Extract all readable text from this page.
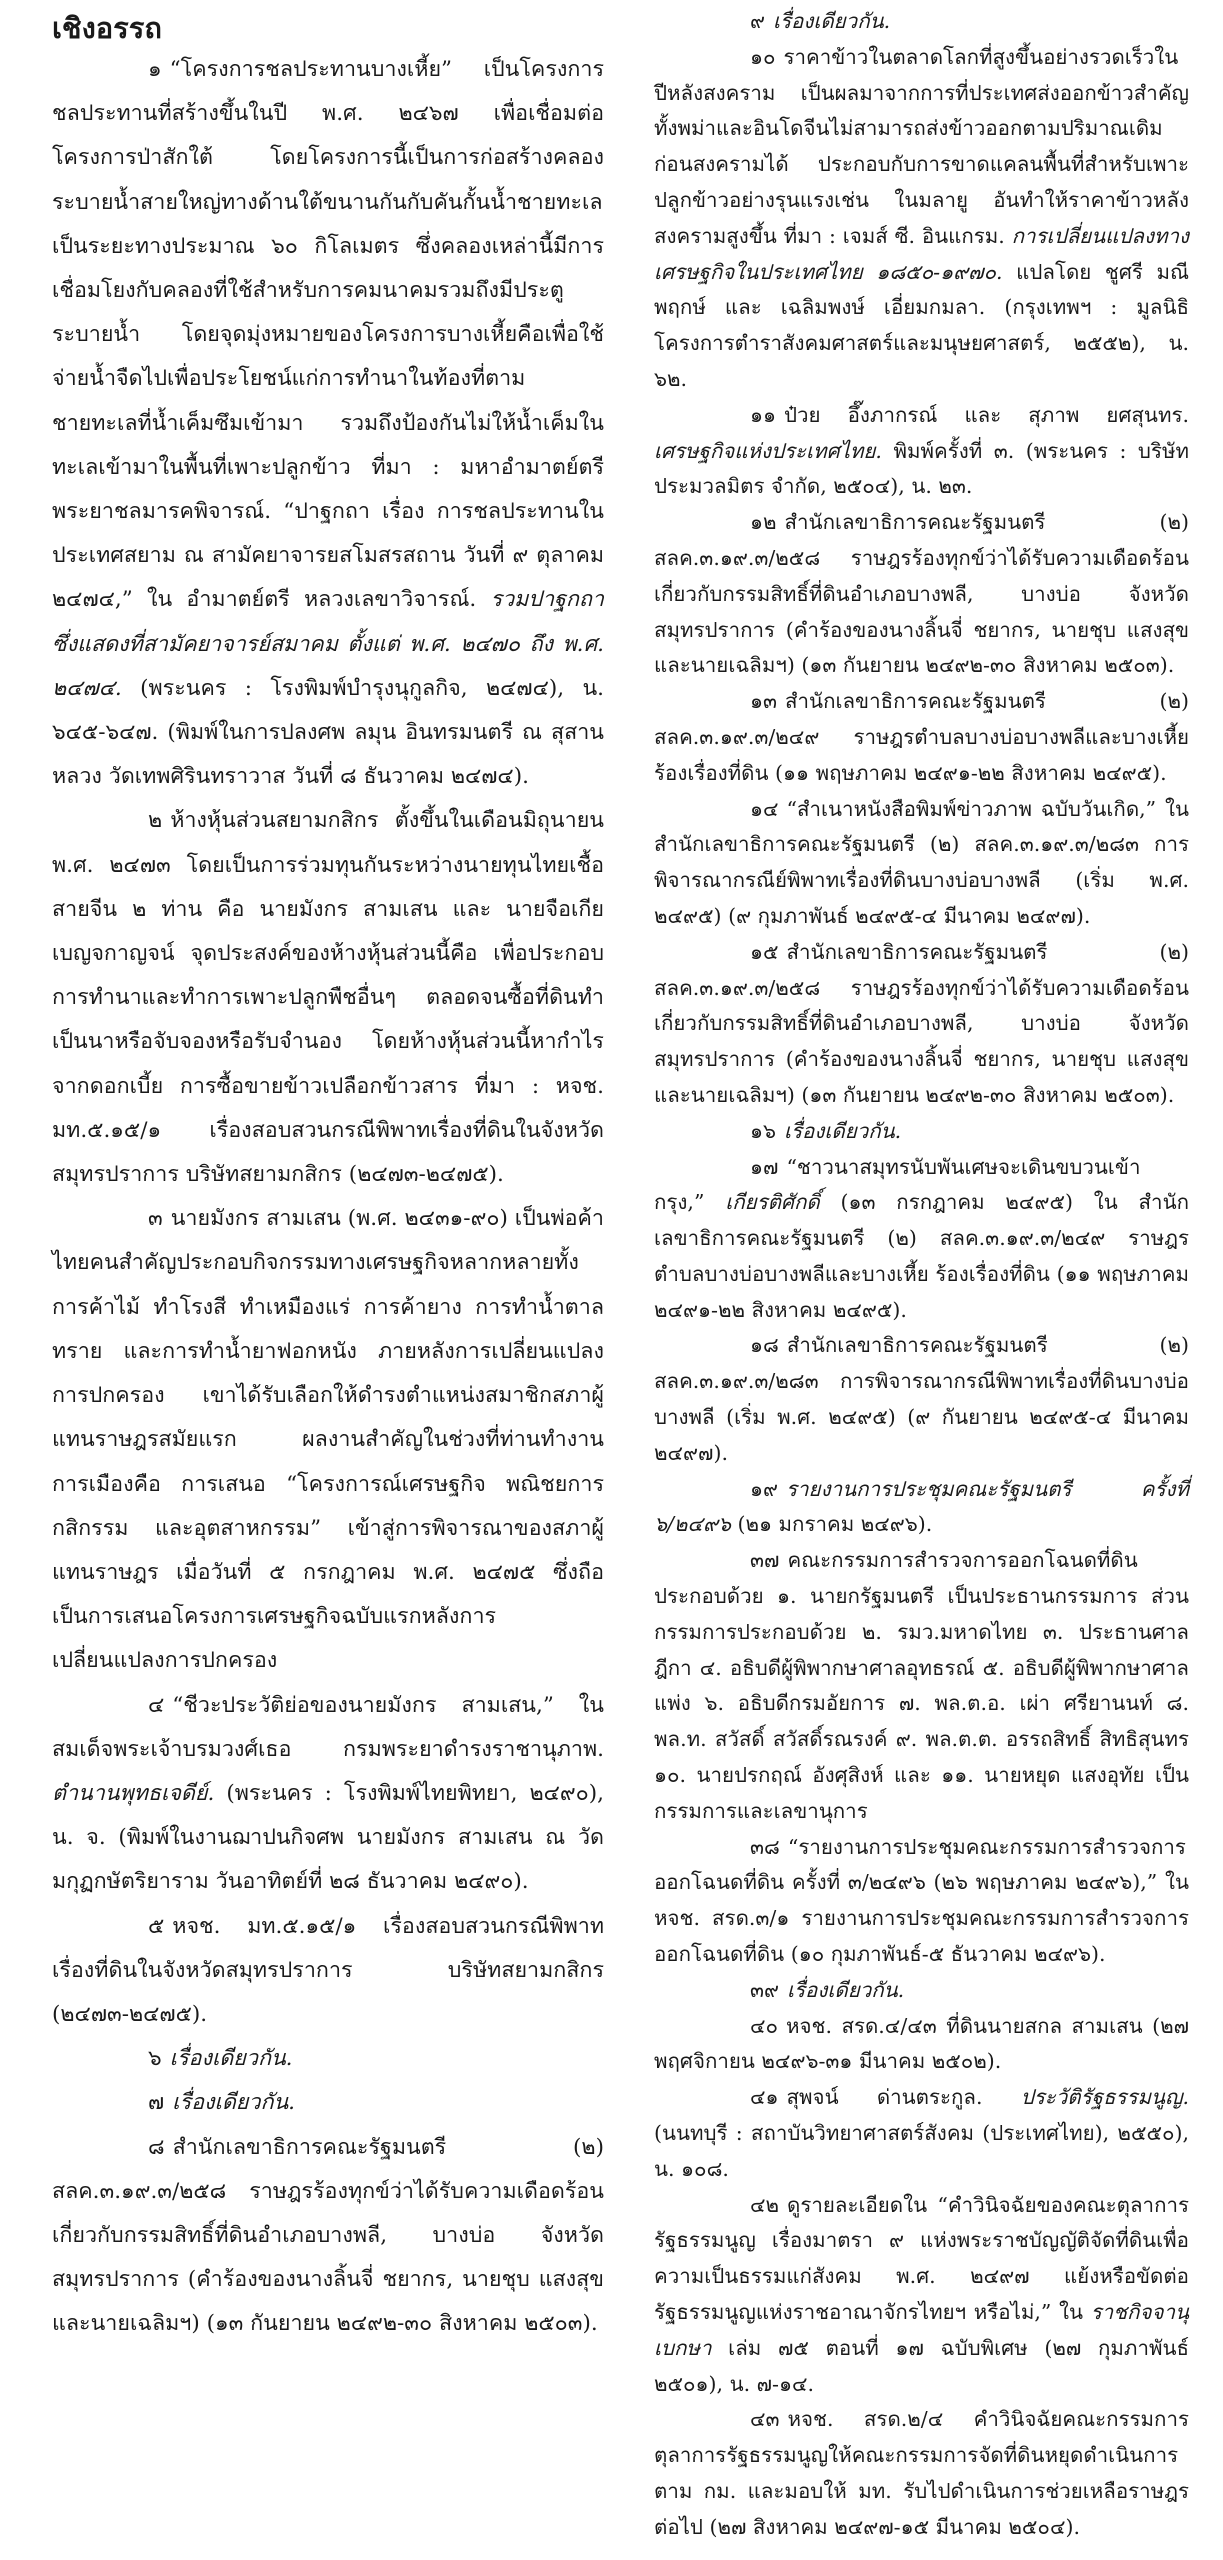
เชิงอรรถ

๑ “โครงการชลประทานบางเหี้ย” เป็นโครงการชลประทานที่สร้างขึ้นในปี พ.ศ. ๒๔๖๗ เพื่อเชื่อมต่อโครงการป่าสักใต้ โดยโครงการนี้เป็นการก่อสร้างคลองระบายน้ำสายใหญ่ทางด้านใต้ขนานกันกับคันกั้นน้ำชายทะเลเป็นระยะทางประมาณ ๖๐ กิโลเมตร ซึ่งคลองเหล่านี้มีการเชื่อมโยงกับคลองที่ใช้สำหรับการคมนาคมรวมถึงมีประตูระบายน้ำ โดยจุดมุ่งหมายของโครงการบางเหี้ยคือเพื่อใช้จ่ายน้ำจืดไปเพื่อประโยชน์แก่การทำนาในท้องที่ตามชายทะเลที่น้ำเค็มซึมเข้ามา รวมถึงป้องกันไม่ให้น้ำเค็มในทะเลเข้ามาในพื้นที่เพาะปลูกข้าว ที่มา : มหาอำมาตย์ตรี พระยาชลมารคพิจารณ์. “ปาฐกถา เรื่อง การชลประทานในประเทศสยาม ณ สามัคยาจารยสโมสรสถาน วันที่ ๙ ตุลาคม ๒๔๗๔,” ใน อำมาตย์ตรี หลวงเลขาวิจารณ์. รวมปาฐกถา ซึ่งแสดงที่สามัคยาจารย์สมาคม ตั้งแต่ พ.ศ. ๒๔๗๐ ถึง พ.ศ. ๒๔๗๔. (พระนคร : โรงพิมพ์บำรุงนุกูลกิจ, ๒๔๗๔), น. ๖๔๕-๖๔๗. (พิมพ์ในการปลงศพ ลมุน อินทรมนตรี ณ สุสานหลวง วัดเทพศิรินทราวาส วันที่ ๘ ธันวาคม ๒๔๗๔).

๒ ห้างหุ้นส่วนสยามกสิกร ตั้งขึ้นในเดือนมิถุนายน พ.ศ. ๒๔๗๓ โดยเป็นการร่วมทุนกันระหว่างนายทุนไทยเชื้อสายจีน ๒ ท่าน คือ นายมังกร สามเสน และ นายจือเกีย เบญจกาญจน์ จุดประสงค์ของห้างหุ้นส่วนนี้คือ เพื่อประกอบการทำนาและทำการเพาะปลูกพืชอื่นๆ ตลอดจนซื้อที่ดินทำเป็นนาหรือจับจองหรือรับจำนอง โดยห้างหุ้นส่วนนี้หากำไรจากดอกเบี้ย การซื้อขายข้าวเปลือกข้าวสาร ที่มา : หจช. มท.๕.๑๕/๑ เรื่องสอบสวนกรณีพิพาทเรื่องที่ดินในจังหวัดสมุทรปราการ บริษัทสยามกสิกร (๒๔๗๓-๒๔๗๕).

๓ นายมังกร สามเสน (พ.ศ. ๒๔๓๑-๙๐) เป็นพ่อค้าไทยคนสำคัญประกอบกิจกรรมทางเศรษฐกิจหลากหลายทั้งการค้าไม้ ทำโรงสี ทำเหมืองแร่ การค้ายาง การทำน้ำตาลทราย และการทำน้ำยาฟอกหนัง ภายหลังการเปลี่ยนแปลงการปกครอง เขาได้รับเลือกให้ดำรงตำแหน่งสมาชิกสภาผู้แทนราษฎรสมัยแรก ผลงานสำคัญในช่วงที่ท่านทำงานการเมืองคือ การเสนอ “โครงการณ์เศรษฐกิจ พณิชยการ กสิกรรม และอุตสาหกรรม” เข้าสู่การพิจารณาของสภาผู้แทนราษฎร เมื่อวันที่ ๕ กรกฎาคม พ.ศ. ๒๔๗๕ ซึ่งถือเป็นการเสนอโครงการเศรษฐกิจฉบับแรกหลังการเปลี่ยนแปลงการปกครอง

๔ “ชีวะประวัติย่อของนายมังกร สามเสน,” ใน สมเด็จพระเจ้าบรมวงศ์เธอ กรมพระยาดำรงราชานุภาพ. ตำนานพุทธเจดีย์. (พระนคร : โรงพิมพ์ไทยพิทยา, ๒๔๙๐), น. จ. (พิมพ์ในงานฌาปนกิจศพ นายมังกร สามเสน ณ วัดมกุฏกษัตริยาราม วันอาทิตย์ที่ ๒๘ ธันวาคม ๒๔๙๐).

๕ หจช. มท.๕.๑๕/๑ เรื่องสอบสวนกรณีพิพาทเรื่องที่ดินในจังหวัดสมุทรปราการ บริษัทสยามกสิกร (๒๔๗๓-๒๔๗๕).

๖ เรื่องเดียวกัน.

๗ เรื่องเดียวกัน.

๘ สำนักเลขาธิการคณะรัฐมนตรี (๒) สลค.๓.๑๙.๓/๒๕๘ ราษฎรร้องทุกข์ว่าได้รับความเดือดร้อนเกี่ยวกับกรรมสิทธิ์ที่ดินอำเภอบางพลี, บางบ่อ จังหวัดสมุทรปราการ (คำร้องของนางลิ้นจี่ ชยากร, นายชุบ แสงสุข และนายเฉลิมฯ) (๑๓ กันยายน ๒๔๙๒-๓๐ สิงหาคม ๒๕๐๓).

๙ เรื่องเดียวกัน.

๑๐ ราคาข้าวในตลาดโลกที่สูงขึ้นอย่างรวดเร็วในปีหลังสงคราม เป็นผลมาจากการที่ประเทศส่งออกข้าวสำคัญทั้งพม่าและอินโดจีนไม่สามารถส่งข้าวออกตามปริมาณเดิมก่อนสงครามได้ ประกอบกับการขาดแคลนพื้นที่สำหรับเพาะปลูกข้าวอย่างรุนแรงเช่น ในมลายู อันทำให้ราคาข้าวหลังสงครามสูงขึ้น ที่มา : เจมส์ ซี. อินแกรม. การเปลี่ยนแปลงทางเศรษฐกิจในประเทศไทย ๑๘๕๐-๑๙๗๐. แปลโดย ชูศรี มณีพฤกษ์ และ เฉลิมพงษ์ เอี่ยมกมลา. (กรุงเทพฯ : มูลนิธิโครงการตำราสังคมศาสตร์และมนุษยศาสตร์, ๒๕๕๒), น. ๖๒.

๑๑ ป๋วย อึ๊งภากรณ์ และ สุภาพ ยศสุนทร. เศรษฐกิจแห่งประเทศไทย. พิมพ์ครั้งที่ ๓. (พระนคร : บริษัทประมวลมิตร จำกัด, ๒๕๐๔), น. ๒๓.

๑๒ สำนักเลขาธิการคณะรัฐมนตรี (๒) สลค.๓.๑๙.๓/๒๕๘ ราษฎรร้องทุกข์ว่าได้รับความเดือดร้อนเกี่ยวกับกรรมสิทธิ์ที่ดินอำเภอบางพลี, บางบ่อ จังหวัดสมุทรปราการ (คำร้องของนางลิ้นจี่ ชยากร, นายชุบ แสงสุข และนายเฉลิมฯ) (๑๓ กันยายน ๒๔๙๒-๓๐ สิงหาคม ๒๕๐๓).

๑๓ สำนักเลขาธิการคณะรัฐมนตรี (๒) สลค.๓.๑๙.๓/๒๔๙ ราษฎรตำบลบางบ่อบางพลีและบางเหี้ย ร้องเรื่องที่ดิน (๑๑ พฤษภาคม ๒๔๙๑-๒๒ สิงหาคม ๒๔๙๕).

๑๔ “สำเนาหนังสือพิมพ์ข่าวภาพ ฉบับวันเกิด,” ใน สำนักเลขาธิการคณะรัฐมนตรี (๒) สลค.๓.๑๙.๓/๒๘๓ การพิจารณากรณีย์พิพาทเรื่องที่ดินบางบ่อบางพลี (เริ่ม พ.ศ. ๒๔๙๕) (๙ กุมภาพันธ์ ๒๔๙๕-๔ มีนาคม ๒๔๙๗).

๑๕ สำนักเลขาธิการคณะรัฐมนตรี (๒) สลค.๓.๑๙.๓/๒๕๘ ราษฎรร้องทุกข์ว่าได้รับความเดือดร้อนเกี่ยวกับกรรมสิทธิ์ที่ดินอำเภอบางพลี, บางบ่อ จังหวัดสมุทรปราการ (คำร้องของนางลิ้นจี่ ชยากร, นายชุบ แสงสุข และนายเฉลิมฯ) (๑๓ กันยายน ๒๔๙๒-๓๐ สิงหาคม ๒๕๐๓).

๑๖ เรื่องเดียวกัน.

๑๗ “ชาวนาสมุทรนับพันเศษจะเดินขบวนเข้ากรุง,” เกียรติศักดิ์ (๑๓ กรกฎาคม ๒๔๙๕) ใน สำนักเลขาธิการคณะรัฐมนตรี (๒) สลค.๓.๑๙.๓/๒๔๙ ราษฎรตำบลบางบ่อบางพลีและบางเหี้ย ร้องเรื่องที่ดิน (๑๑ พฤษภาคม ๒๔๙๑-๒๒ สิงหาคม ๒๔๙๕).

๑๘ สำนักเลขาธิการคณะรัฐมนตรี (๒) สลค.๓.๑๙.๓/๒๘๓ การพิจารณากรณีพิพาทเรื่องที่ดินบางบ่อบางพลี (เริ่ม พ.ศ. ๒๔๙๕) (๙ กันยายน ๒๔๙๕-๔ มีนาคม ๒๔๙๗).

๑๙ รายงานการประชุมคณะรัฐมนตรี ครั้งที่ ๖/๒๔๙๖ (๒๑ มกราคม ๒๔๙๖).

๓๗ คณะกรรมการสำรวจการออกโฉนดที่ดิน ประกอบด้วย ๑. นายกรัฐมนตรี เป็นประธานกรรมการ ส่วนกรรมการประกอบด้วย ๒. รมว.มหาดไทย ๓. ประธานศาลฎีกา ๔. อธิบดีผู้พิพากษาศาลอุทธรณ์ ๕. อธิบดีผู้พิพากษาศาลแพ่ง ๖. อธิบดีกรมอัยการ ๗. พล.ต.อ. เผ่า ศรียานนท์ ๘. พล.ท. สวัสดิ์ สวัสดิ์รณรงค์ ๙. พล.ต.ต. อรรถสิทธิ์ สิทธิสุนทร ๑๐. นายปรกฤณ์ อังศุสิงห์ และ ๑๑. นายหยุด แสงอุทัย เป็นกรรมการและเลขานุการ

๓๘ “รายงานการประชุมคณะกรรมการสำรวจการออกโฉนดที่ดิน ครั้งที่ ๓/๒๔๙๖ (๒๖ พฤษภาคม ๒๔๙๖),” ใน หจช. สรด.๓/๑ รายงานการประชุมคณะกรรมการสำรวจการออกโฉนดที่ดิน (๑๐ กุมภาพันธ์-๕ ธันวาคม ๒๔๙๖).

๓๙ เรื่องเดียวกัน.

๔๐ หจช. สรด.๔/๔๓ ที่ดินนายสกล สามเสน (๒๗ พฤศจิกายน ๒๔๙๖-๓๑ มีนาคม ๒๕๐๒).

๔๑ สุพจน์ ด่านตระกูล. ประวัติรัฐธรรมนูญ. (นนทบุรี : สถาบันวิทยาศาสตร์สังคม (ประเทศไทย), ๒๕๕๐), น. ๑๐๘.

๔๒ ดูรายละเอียดใน “คำวินิจฉัยของคณะตุลาการรัฐธรรมนูญ เรื่องมาตรา ๙ แห่งพระราชบัญญัติจัดที่ดินเพื่อความเป็นธรรมแก่สังคม พ.ศ. ๒๔๙๗ แย้งหรือขัดต่อรัฐธรรมนูญแห่งราชอาณาจักรไทยฯ หรือไม่,” ใน ราชกิจจานุเบกษา เล่ม ๗๕ ตอนที่ ๑๗ ฉบับพิเศษ (๒๗ กุมภาพันธ์ ๒๕๐๑), น. ๗-๑๔.

๔๓ หจช. สรด.๒/๔ คำวินิจฉัยคณะกรรมการตุลาการรัฐธรรมนูญให้คณะกรรมการจัดที่ดินหยุดดำเนินการตาม กม. และมอบให้ มท. รับไปดำเนินการช่วยเหลือราษฎรต่อไป (๒๗ สิงหาคม ๒๔๙๗-๑๕ มีนาคม ๒๕๐๔).
